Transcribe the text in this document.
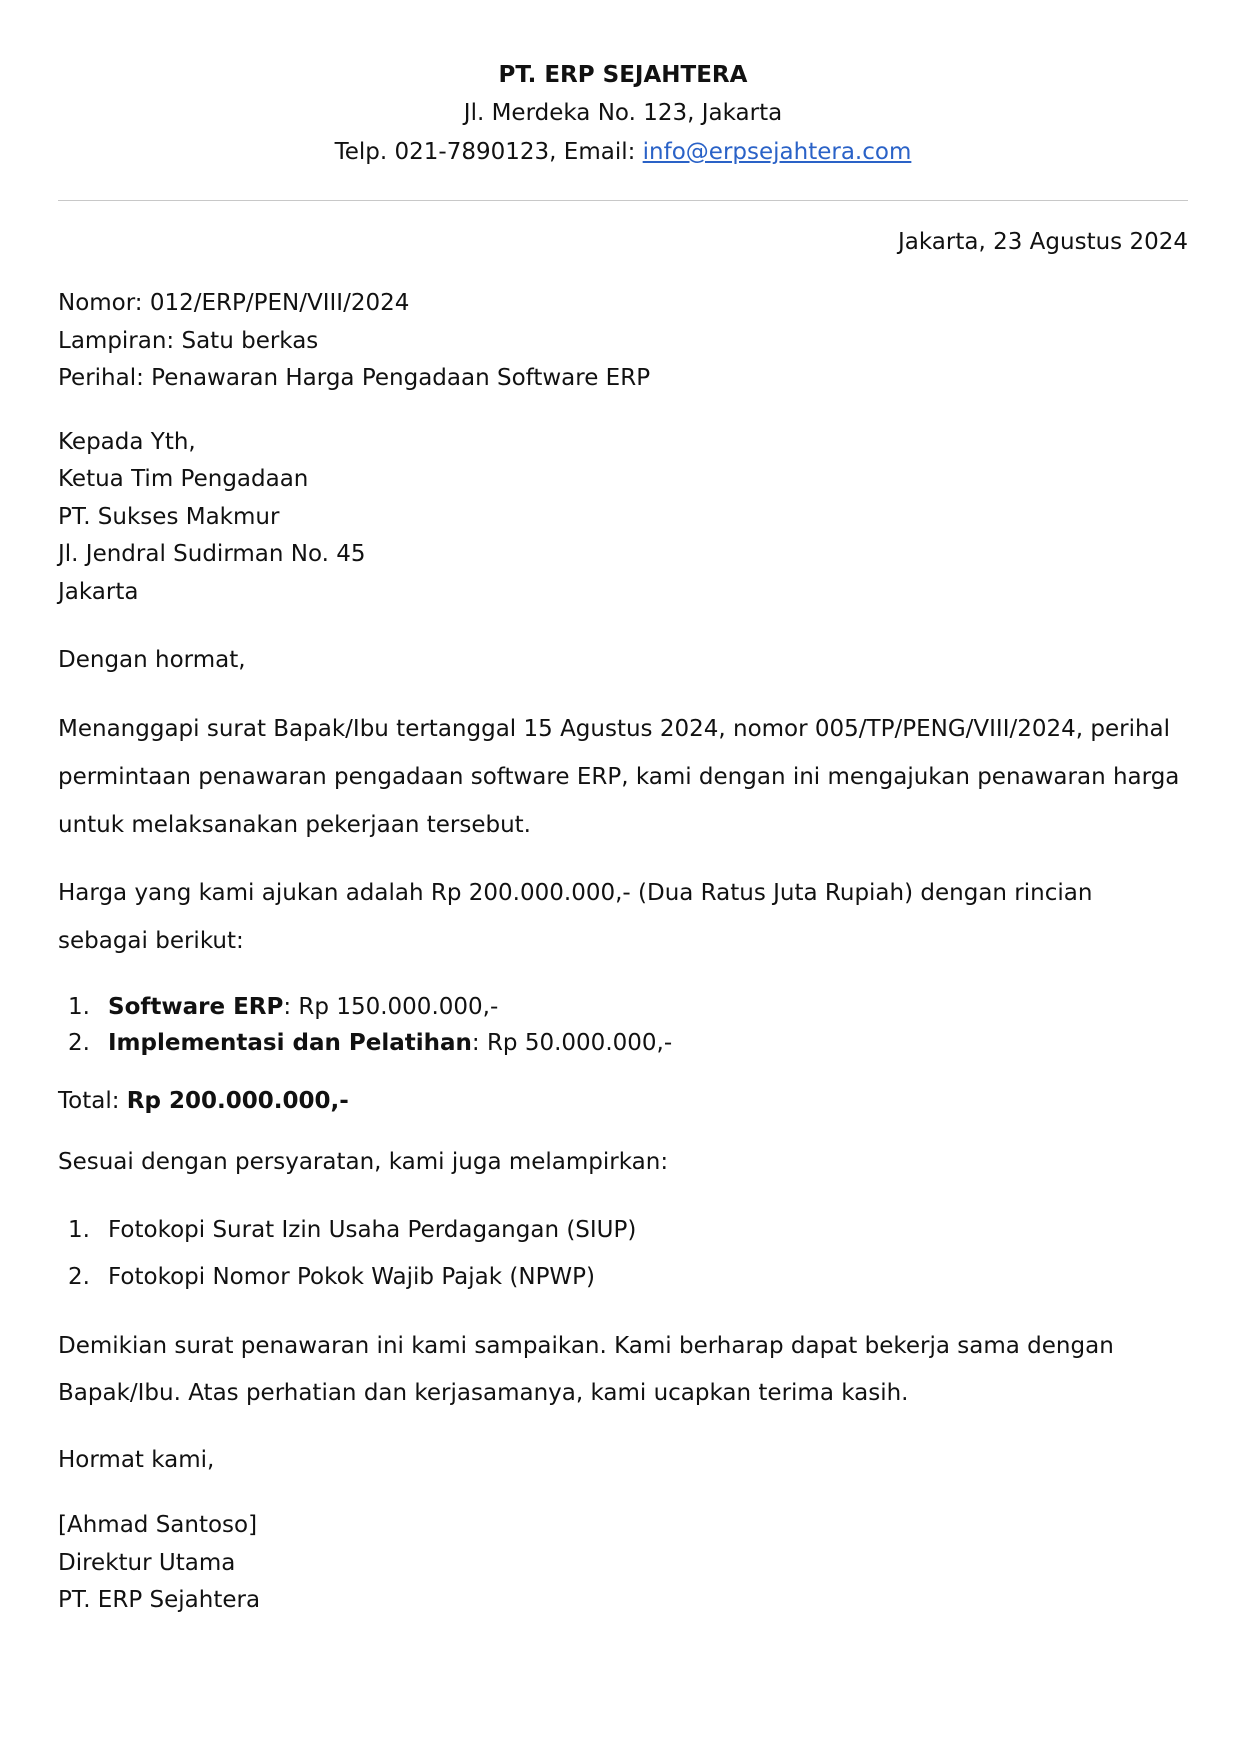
PT. ERP SEJAHTERA
Jl. Merdeka No. 123, Jakarta
Telp. 021-7890123, Email: info@erpsejahtera.com
Jakarta, 23 Agustus 2024
Nomor: 012/ERP/PEN/VIII/2024
Lampiran: Satu berkas
Perihal: Penawaran Harga Pengadaan Software ERP
Kepada Yth,
Ketua Tim Pengadaan
PT. Sukses Makmur
Jl. Jendral Sudirman No. 45
Jakarta
Dengan hormat,
Menanggapi surat Bapak/Ibu tertanggal 15 Agustus 2024, nomor 005/TP/PENG/VIII/2024, perihal permintaan penawaran pengadaan software ERP, kami dengan ini mengajukan penawaran harga untuk melaksanakan pekerjaan tersebut.
Harga yang kami ajukan adalah Rp 200.000.000,- (Dua Ratus Juta Rupiah) dengan rincian sebagai berikut:
1. Software ERP: Rp 150.000.000,-
2. Implementasi dan Pelatihan: Rp 50.000.000,-
Total: Rp 200.000.000,-
Sesuai dengan persyaratan, kami juga melampirkan:
1. Fotokopi Surat Izin Usaha Perdagangan (SIUP)
2. Fotokopi Nomor Pokok Wajib Pajak (NPWP)
Demikian surat penawaran ini kami sampaikan. Kami berharap dapat bekerja sama dengan Bapak/Ibu. Atas perhatian dan kerjasamanya, kami ucapkan terima kasih.
Hormat kami,
[Ahmad Santoso]
Direktur Utama
PT. ERP Sejahtera
